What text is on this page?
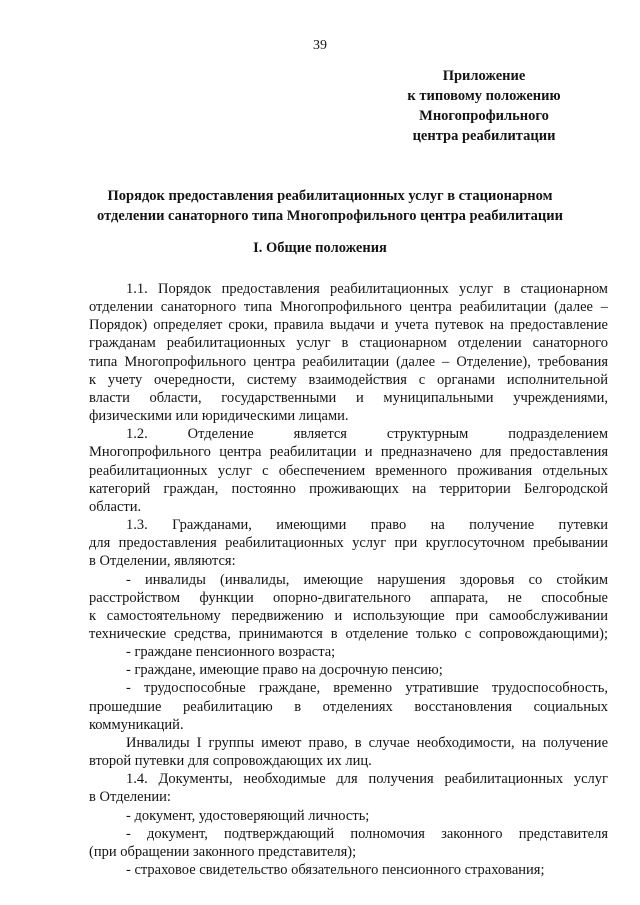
39
Приложение
к типовому положению
Многопрофильного
центра реабилитации
Порядок предоставления реабилитационных услуг в стационарном
отделении санаторного типа Многопрофильного центра реабилитации
I. Общие положения
1.1. Порядок предоставления реабилитационных услуг в стационарном
отделении санаторного типа Многопрофильного центра реабилитации (далее –
Порядок) определяет сроки, правила выдачи и учета путевок на предоставление
гражданам реабилитационных услуг в стационарном отделении санаторного
типа Многопрофильного центра реабилитации (далее – Отделение), требования
к учету очередности, систему взаимодействия с органами исполнительной
власти области, государственными и муниципальными учреждениями,
физическими или юридическими лицами.
1.2. Отделение является структурным подразделением
Многопрофильного центра реабилитации и предназначено для предоставления
реабилитационных услуг с обеспечением временного проживания отдельных
категорий граждан, постоянно проживающих на территории Белгородской
области.
1.3. Гражданами, имеющими право на получение путевки
для предоставления реабилитационных услуг при круглосуточном пребывании
в Отделении, являются:
- инвалиды (инвалиды, имеющие нарушения здоровья со стойким
расстройством функции опорно-двигательного аппарата, не способные
к самостоятельному передвижению и использующие при самообслуживании
технические средства, принимаются в отделение только с сопровождающими);
- граждане пенсионного возраста;
- граждане, имеющие право на досрочную пенсию;
- трудоспособные граждане, временно утратившие трудоспособность,
прошедшие реабилитацию в отделениях восстановления социальных
коммуникаций.
Инвалиды I группы имеют право, в случае необходимости, на получение
второй путевки для сопровождающих их лиц.
1.4. Документы, необходимые для получения реабилитационных услуг
в Отделении:
- документ, удостоверяющий личность;
- документ, подтверждающий полномочия законного представителя
(при обращении законного представителя);
- страховое свидетельство обязательного пенсионного страхования;
